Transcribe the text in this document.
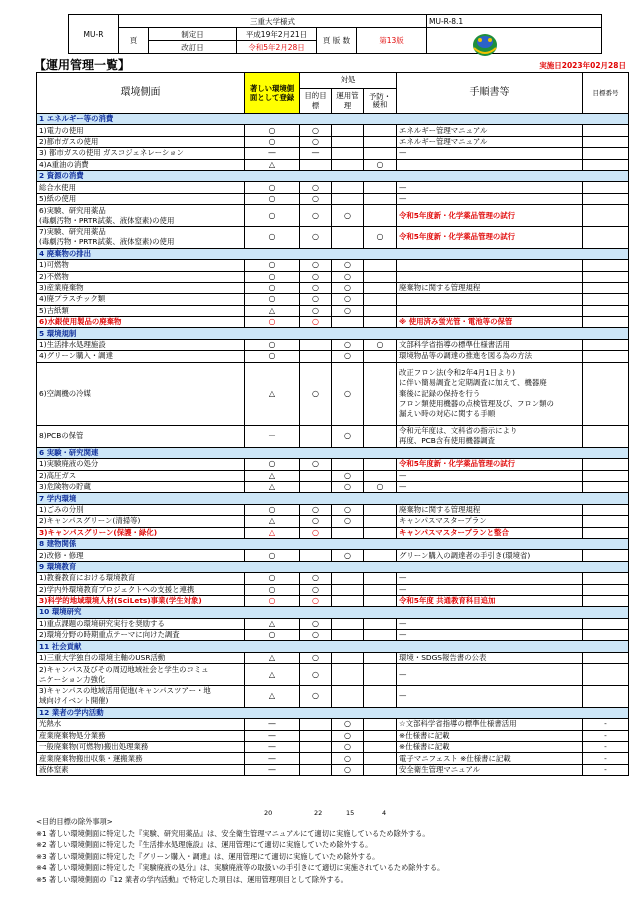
MU-R	三重大学様式					MU-R-8.1
	頁	制定日	平成19年2月21日	頁 版 数	第13版	
		改訂日	令和5年2月28日			
【運用管理一覧】	実施日2023年02月28日
環境側面	著しい環境側面として登録	対処			手順書等	目標番号
		目的目標	運用管理	予防・緩和		
1 エネルギー等の消費						

1)電力の使用	○	○			エネルギー管理マニュアル	

2)都市ガスの使用	○	○			エネルギー管理マニュアル	

3) 都市ガスの使用 ガスコジェネレーション	—	—			—	

4)A重油の消費	△			○		
2 資源の消費						

総合水使用	○	○			—	

5)紙の使用	○	○			—	

6)実験、研究用薬品
(毒劇汚物・PRTR試薬、液体窒素)の使用	○	○	○		令和5年度新・化学薬品管理の試行	

7)実験、研究用薬品
(毒劇汚物・PRTR試薬、液体窒素)の使用	○	○		○	令和5年度新・化学薬品管理の試行	
4 廃棄物の排出						

1)可燃物	○	○	○			

2)不燃物	○	○	○			

3)産業廃棄物	○	○	○		廃棄物に関する管理規程	

4)廃プラスチック類	○	○	○			

5)古紙類	△	○	○			

6)水銀使用製品の廃棄物	○	○			※ 使用済み蛍光管・電池等の保管	
5 環境規制						

1)生活排水処理施設	○		○	○	文部科学省指導の標準仕様書活用	

4)グリーン購入・調達	○		○		環境物品等の調達の推進を図る為の方法	

6)空調機の冷媒	△	○	○		改正フロン法(令和2年4月1日より)
に伴い簡易調査と定期調査に加えて、機器廃
棄後に記録の保持を行う
フロン類使用機器の点検管理及び、フロン類の
漏えい時の対応に関する手順	

8)PCBの保管	－		○		令和元年度は、文科省の指示により
再度、PCB含有使用機器調査	
6 実験・研究関連						

1)実験廃液の処分	○	○			令和5年度新・化学薬品管理の試行	

2)高圧ガス	△		○		—	

3)危険物の貯蔵	△		○	○	—	
7 学内環境						

1)ごみの分別	○	○	○		廃棄物に関する管理規程	

2)キャンパスグリーン(清掃等)	△	○	○		キャンパスマスタープラン	

3)キャンパスグリーン(保護・緑化)	△	○			キャンパスマスタープランと整合	
8 建物関係						

2)改修・修理	○		○		グリーン購入の調達者の手引き(環境省)	
9 環境教育						

1)教養教育における環境教育	○	○			—	

2)学内外環境教育プロジェクトへの支援と連携	○	○			—	

3)科学的地域環境人材(SciLets)事業(学生対象)	○	○			令和5年度 共通教育科目追加	
10 環境研究						

1)重点課題の環境研究実行を奨励する	△	○			—	

2)環境分野の時期重点テーマに向けた調査	○	○			—	
11 社会貢献						

1)三重大学独自の環境主軸のUSR活動	△	○			環境・SDGS報告書の公表	

2)キャンパス及びその周辺地域社会と学生のコミュ
ニケーション力強化	△	○			—	

3)キャンパスの地域活用促進(キャンパスツアー・地
域向けイベント開催)	△	○			—	
12 業者の学内活動						

光熱水	—		○		☆文部科学省指導の標準仕様書活用	-

産業廃棄物処分業務	—		○		※仕様書に記載	-

一般廃棄物(可燃物)搬出処理業務	—		○		※仕様書に記載	-

産業廃棄物搬出収集・運搬業務	—		○		電子マニフェスト ※仕様書に記載	-

液体窒素	—		○		安全衛生管理マニュアル	-
20	22	15	4
<目的目標の除外事項>
※1 著しい環境側面に特定した『実験、研究用薬品』は、安全衛生管理マニュアルにて適切に実施しているため除外する。
※2 著しい環境側面に特定した『生活排水処理施設』は、運用管理にて適切に実施していため除外する。
※3 著しい環境側面に特定した『グリーン購入・調達』は、運用管理にて適切に実施していため除外する。
※4 著しい環境側面に特定した『実験廃液の処分』は、実験廃液等の取扱いの手引きにて適切に実施されているため除外する。
※5 著しい環境側面の『12 業者の学内活動』で特定した項目は、運用管理項目として除外する。
